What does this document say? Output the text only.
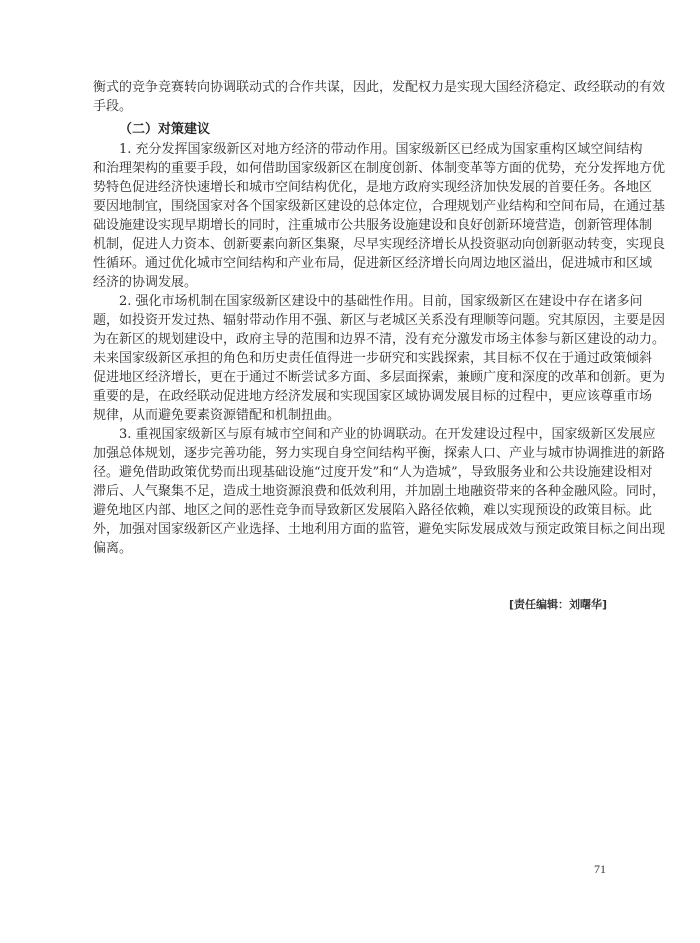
衡式的竞争竞赛转向协调联动式的合作共谋，因此，发配权力是实现大国经济稳定、政经联动的有效
手段。
（二）对策建议
1. 充分发挥国家级新区对地方经济的带动作用。国家级新区已经成为国家重构区域空间结构
和治理架构的重要手段，如何借助国家级新区在制度创新、体制变革等方面的优势，充分发挥地方优
势特色促进经济快速增长和城市空间结构优化，是地方政府实现经济加快发展的首要任务。各地区
要因地制宜，围绕国家对各个国家级新区建设的总体定位，合理规划产业结构和空间布局，在通过基
础设施建设实现早期增长的同时，注重城市公共服务设施建设和良好创新环境营造，创新管理体制
机制，促进人力资本、创新要素向新区集聚，尽早实现经济增长从投资驱动向创新驱动转变，实现良
性循环。通过优化城市空间结构和产业布局，促进新区经济增长向周边地区溢出，促进城市和区域
经济的协调发展。
2. 强化市场机制在国家级新区建设中的基础性作用。目前，国家级新区在建设中存在诸多问
题，如投资开发过热、辐射带动作用不强、新区与老城区关系没有理顺等问题。究其原因，主要是因
为在新区的规划建设中，政府主导的范围和边界不清，没有充分激发市场主体参与新区建设的动力。
未来国家级新区承担的角色和历史责任值得进一步研究和实践探索，其目标不仅在于通过政策倾斜
促进地区经济增长，更在于通过不断尝试多方面、多层面探索，兼顾广度和深度的改革和创新。更为
重要的是，在政经联动促进地方经济发展和实现国家区域协调发展目标的过程中，更应该尊重市场
规律，从而避免要素资源错配和机制扭曲。
3. 重视国家级新区与原有城市空间和产业的协调联动。在开发建设过程中，国家级新区发展应
加强总体规划，逐步完善功能，努力实现自身空间结构平衡，探索人口、产业与城市协调推进的新路
径。避免借助政策优势而出现基础设施“过度开发”和“人为造城”，导致服务业和公共设施建设相对
滞后、人气聚集不足，造成土地资源浪费和低效利用，并加剧土地融资带来的各种金融风险。同时，
避免地区内部、地区之间的恶性竞争而导致新区发展陷入路径依赖，难以实现预设的政策目标。此
外，加强对国家级新区产业选择、土地利用方面的监管，避免实际发展成效与预定政策目标之间出现
偏离。
[责任编辑：刘曙华]
71
